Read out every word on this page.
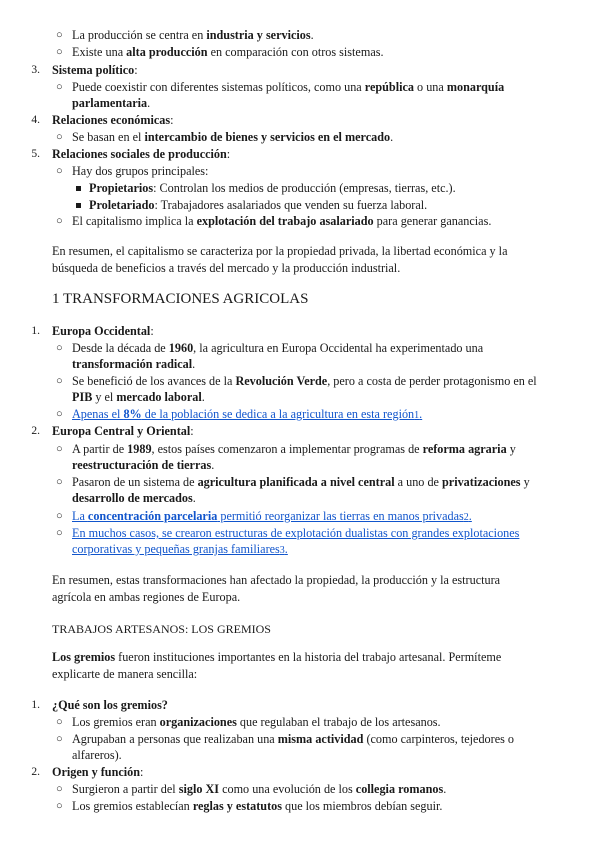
○ La producción se centra en industria y servicios.
○ Existe una alta producción en comparación con otros sistemas.
3. Sistema político:
○ Puede coexistir con diferentes sistemas políticos, como una república o una monarquía
parlamentaria.
4. Relaciones económicas:
○ Se basan en el intercambio de bienes y servicios en el mercado.
5. Relaciones sociales de producción:
○ Hay dos grupos principales:
Propietarios: Controlan los medios de producción (empresas, tierras, etc.).
Proletariado: Trabajadores asalariados que venden su fuerza laboral.
○ El capitalismo implica la explotación del trabajo asalariado para generar ganancias.
En resumen, el capitalismo se caracteriza por la propiedad privada, la libertad económica y la
búsqueda de beneficios a través del mercado y la producción industrial.
1 TRANSFORMACIONES AGRICOLAS
1. Europa Occidental:
○ Desde la década de 1960, la agricultura en Europa Occidental ha experimentado una
transformación radical.
○ Se benefició de los avances de la Revolución Verde, pero a costa de perder protagonismo en el
PIB y el mercado laboral.
○ Apenas el 8% de la población se dedica a la agricultura en esta región1.
2. Europa Central y Oriental:
○ A partir de 1989, estos países comenzaron a implementar programas de reforma agraria y
reestructuración de tierras.
○ Pasaron de un sistema de agricultura planificada a nivel central a uno de privatizaciones y
desarrollo de mercados.
○ La concentración parcelaria permitió reorganizar las tierras en manos privadas2.
○ En muchos casos, se crearon estructuras de explotación dualistas con grandes explotaciones
corporativas y pequeñas granjas familiares3.
En resumen, estas transformaciones han afectado la propiedad, la producción y la estructura
agrícola en ambas regiones de Europa.
TRABAJOS ARTESANOS: LOS GREMIOS
Los gremios fueron instituciones importantes en la historia del trabajo artesanal. Permíteme
explicarte de manera sencilla:
1. ¿Qué son los gremios?
○ Los gremios eran organizaciones que regulaban el trabajo de los artesanos.
○ Agrupaban a personas que realizaban una misma actividad (como carpinteros, tejedores o
alfareros).
2. Origen y función:
○ Surgieron a partir del siglo XI como una evolución de los collegia romanos.
○ Los gremios establecían reglas y estatutos que los miembros debían seguir.
